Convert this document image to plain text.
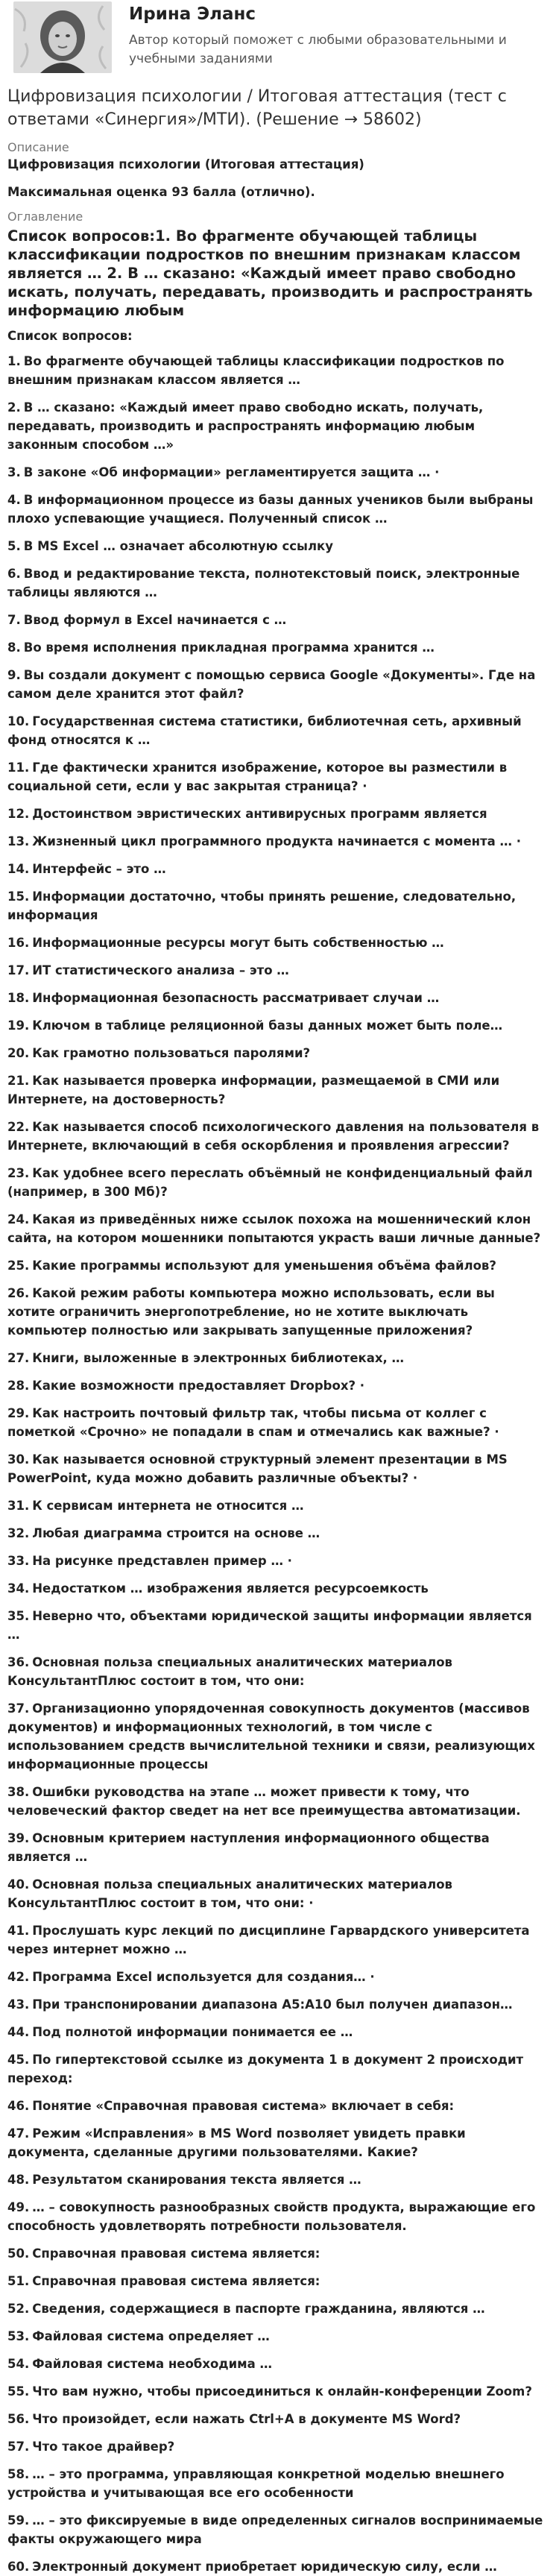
Ирина Эланс
Автор который поможет с любыми образовательными и учебными заданиями
Цифровизация психологии / Итоговая аттестация (тест с ответами «Синергия»/МТИ). (Решение → 58602)
Описание
Цифровизация психологии (Итоговая аттестация)
Максимальная оценка 93 балла (отлично).
Оглавление
Список вопросов:1. Во фрагменте обучающей таблицы классификации подростков по внешним признакам классом является … 2. В … сказано: «Каждый имеет право свободно искать, получать, передавать, производить и распространять информацию любым
Список вопросов:
1. Во фрагменте обучающей таблицы классификации подростков по внешним признакам классом является …
2. В … сказано: «Каждый имеет право свободно искать, получать, передавать, производить и распространять информацию любым законным способом …»
3. В законе «Об информации» регламентируется защита … ·
4. В информационном процессе из базы данных учеников были выбраны плохо успевающие учащиеся. Полученный список …
5. В MS Excel … означает абсолютную ссылку
6. Ввод и редактирование текста, полнотекстовый поиск, электронные таблицы являются …
7. Ввод формул в Excel начинается с …
8. Во время исполнения прикладная программа хранится …
9. Вы создали документ с помощью сервиса Google «Документы». Где на самом деле хранится этот файл?
10. Государственная система статистики, библиотечная сеть, архивный фонд относятся к …
11. Где фактически хранится изображение, которое вы разместили в социальной сети, если у вас закрытая страница? ·
12. Достоинством эвристических антивирусных программ является
13. Жизненный цикл программного продукта начинается с момента … ·
14. Интерфейс – это …
15. Информации достаточно, чтобы принять решение, следовательно, информация
16. Информационные ресурсы могут быть собственностью …
17. ИТ статистического анализа – это …
18. Информационная безопасность рассматривает случаи …
19. Ключом в таблице реляционной базы данных может быть поле…
20. Как грамотно пользоваться паролями?
21. Как называется проверка информации, размещаемой в СМИ или Интернете, на достоверность?
22. Как называется способ психологического давления на пользователя в Интернете, включающий в себя оскорбления и проявления агрессии?
23. Как удобнее всего переслать объёмный не конфиденциальный файл (например, в 300 Мб)?
24. Какая из приведённых ниже ссылок похожа на мошеннический клон сайта, на котором мошенники попытаются украсть ваши личные данные?
25. Какие программы используют для уменьшения объёма файлов?
26. Какой режим работы компьютера можно использовать, если вы хотите ограничить энергопотребление, но не хотите выключать компьютер полностью или закрывать запущенные приложения?
27. Книги, выложенные в электронных библиотеках, …
28. Какие возможности предоставляет Dropbox? ·
29. Как настроить почтовый фильтр так, чтобы письма от коллег с пометкой «Срочно» не попадали в спам и отмечались как важные? ·
30. Как называется основной структурный элемент презентации в MS PowerPoint, куда можно добавить различные объекты? ·
31. К сервисам интернета не относится …
32. Любая диаграмма строится на основе …
33. На рисунке представлен пример … ·
34. Недостатком … изображения является ресурсоемкость
35. Неверно что, объектами юридической защиты информации является …
36. Основная польза специальных аналитических материалов КонсультантПлюс состоит в том, что они:
37. Организационно упорядоченная совокупность документов (массивов документов) и информационных технологий, в том числе с использованием средств вычислительной техники и связи, реализующих информационные процессы
38. Ошибки руководства на этапе … может привести к тому, что человеческий фактор сведет на нет все преимущества автоматизации.
39. Основным критерием наступления информационного общества является …
40. Основная польза специальных аналитических материалов КонсультантПлюс состоит в том, что они: ·
41. Прослушать курс лекций по дисциплине Гарвардского университета через интернет можно …
42. Программа Excel используется для создания… ·
43. При транспонировании диапазона A5:A10 был получен диапазон…
44. Под полнотой информации понимается ее …
45. По гипертекстовой ссылке из документа 1 в документ 2 происходит переход:
46. Понятие «Справочная правовая система» включает в себя:
47. Режим «Исправления» в MS Word позволяет увидеть правки документа, сделанные другими пользователями. Какие?
48. Результатом сканирования текста является …
49. … – совокупность разнообразных свойств продукта, выражающие его способность удовлетворять потребности пользователя.
50. Справочная правовая система является:
51. Справочная правовая система является:
52. Сведения, содержащиеся в паспорте гражданина, являются …
53. Файловая система определяет …
54. Файловая система необходима …
55. Что вам нужно, чтобы присоединиться к онлайн-конференции Zoom?
56. Что произойдет, если нажать Ctrl+A в документе MS Word?
57. Что такое драйвер?
58. … – это программа, управляющая конкретной моделью внешнего устройства и учитывающая все его особенности
59. … – это фиксируемые в виде определенных сигналов воспринимаемые факты окружающего мира
60. Электронный документ приобретает юридическую силу, если …
